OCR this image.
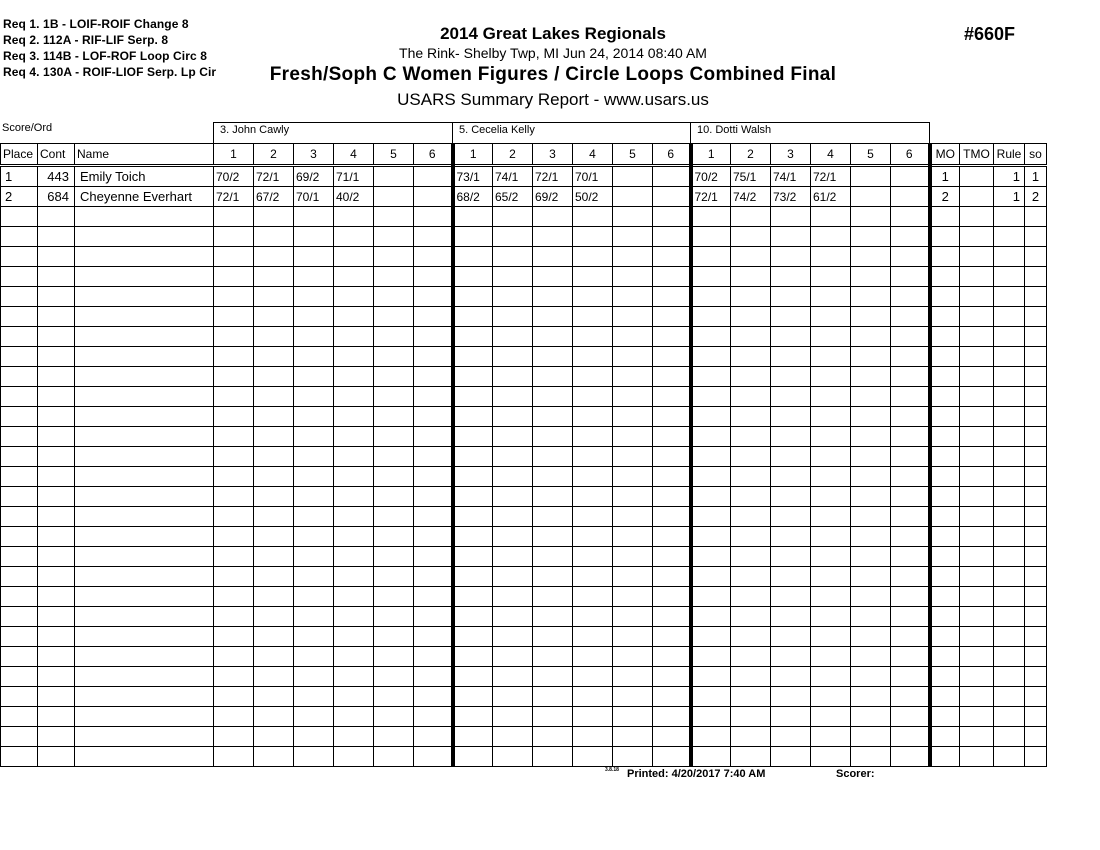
Req 1. 1B - LOIF-ROIF Change 8
Req 2. 112A - RIF-LIF Serp. 8
Req 3. 114B - LOF-ROF Loop Circ 8
Req 4. 130A - ROIF-LIOF Serp. Lp Cir
2014 Great Lakes Regionals
The Rink- Shelby Twp, MI Jun 24, 2014 08:40 AM
Fresh/Soph C Women Figures / Circle Loops Combined Final
USARS Summary Report - www.usars.us
#660F
Score/Ord	3. John Cawly	5. Cecelia Kelly	10. Dotti Walsh
Place	Cont	Name	1	2	3	4	5	6	1	2	3	4	5	6	1	2	3	4	5	6	MO	TMO	Rule	so
1	443	Emily Toich	70/2	72/1	69/2	71/1			73/1	74/1	72/1	70/1			70/2	75/1	74/1	72/1			1		1	1
2	684	Cheyenne Everhart	72/1	67/2	70/1	40/2			68/2	65/2	69/2	50/2			72/1	74/2	73/2	61/2			2		1	2

3.8.18 Printed: 4/20/2017 7:40 AM	Scorer:
